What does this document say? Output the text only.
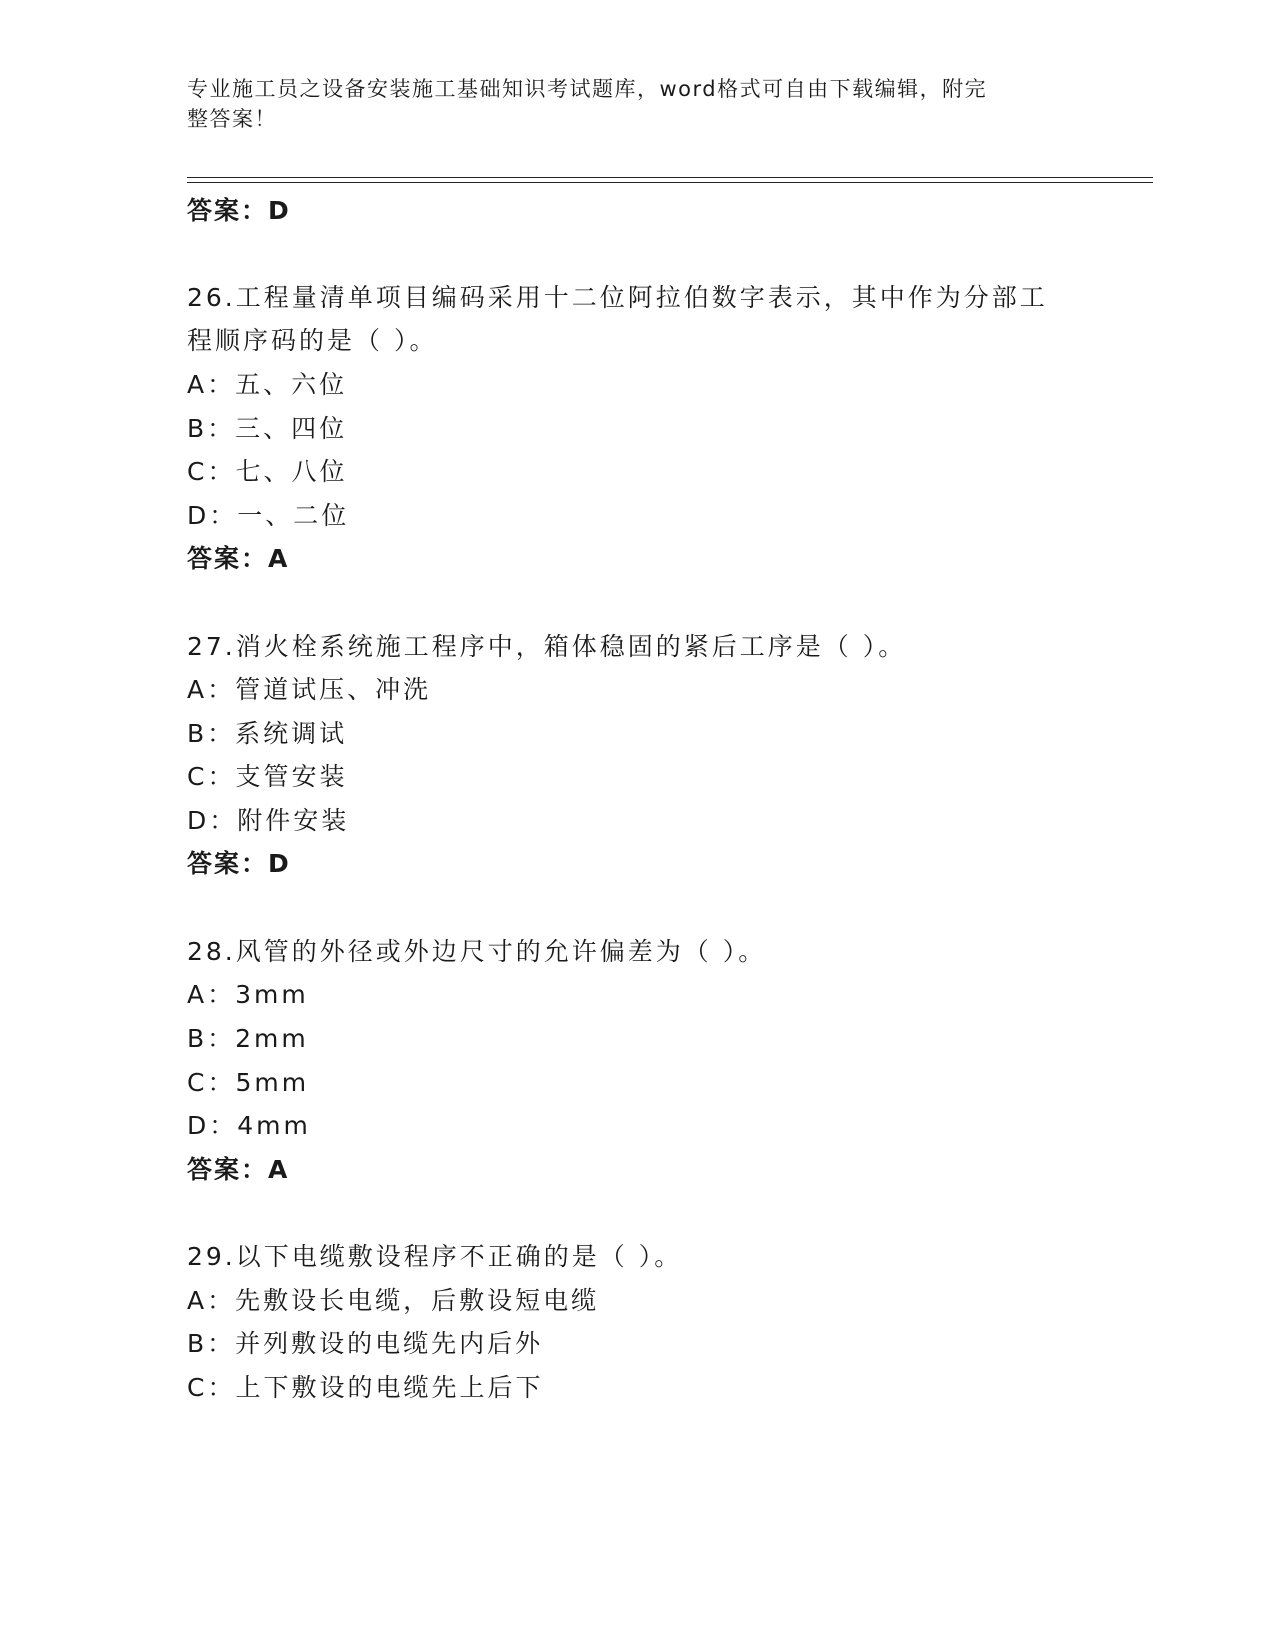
专业施工员之设备安装施工基础知识考试题库，word格式可自由下载编辑，附完
整答案！
答案：D
26.工程量清单项目编码采用十二位阿拉伯数字表示，其中作为分部工
程顺序码的是（ ）。
A：五、六位
B：三、四位
C：七、八位
D：一、二位
答案：A
27.消火栓系统施工程序中，箱体稳固的紧后工序是（ ）。
A：管道试压、冲洗
B：系统调试
C：支管安装
D：附件安装
答案：D
28.风管的外径或外边尺寸的允许偏差为（ ）。
A：3mm
B：2mm
C：5mm
D：4mm
答案：A
29.以下电缆敷设程序不正确的是（ ）。
A：先敷设长电缆，后敷设短电缆
B：并列敷设的电缆先内后外
C：上下敷设的电缆先上后下
